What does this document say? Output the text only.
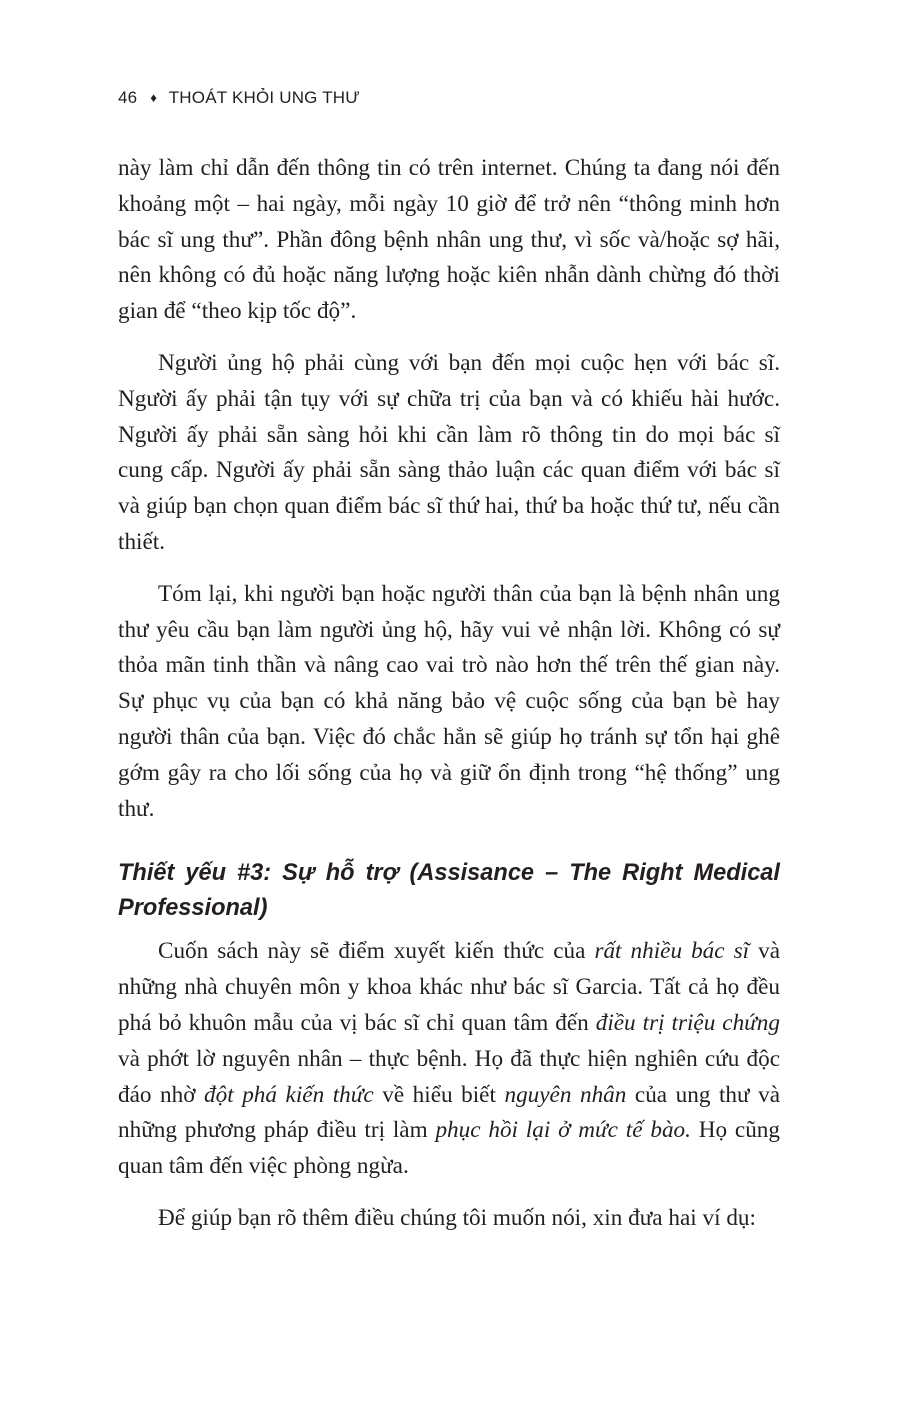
46 ♦ THOÁT KHỎI UNG THƯ

này làm chỉ dẫn đến thông tin có trên internet. Chúng ta đang nói đến khoảng một – hai ngày, mỗi ngày 10 giờ để trở nên “thông minh hơn bác sĩ ung thư”. Phần đông bệnh nhân ung thư, vì sốc và/hoặc sợ hãi, nên không có đủ hoặc năng lượng hoặc kiên nhẫn dành chừng đó thời gian để “theo kịp tốc độ”.

Người ủng hộ phải cùng với bạn đến mọi cuộc hẹn với bác sĩ. Người ấy phải tận tụy với sự chữa trị của bạn và có khiếu hài hước. Người ấy phải sẵn sàng hỏi khi cần làm rõ thông tin do mọi bác sĩ cung cấp. Người ấy phải sẵn sàng thảo luận các quan điểm với bác sĩ và giúp bạn chọn quan điểm bác sĩ thứ hai, thứ ba hoặc thứ tư, nếu cần thiết.

Tóm lại, khi người bạn hoặc người thân của bạn là bệnh nhân ung thư yêu cầu bạn làm người ủng hộ, hãy vui vẻ nhận lời. Không có sự thỏa mãn tinh thần và nâng cao vai trò nào hơn thế trên thế gian này. Sự phục vụ của bạn có khả năng bảo vệ cuộc sống của bạn bè hay người thân của bạn. Việc đó chắc hẳn sẽ giúp họ tránh sự tổn hại ghê gớm gây ra cho lối sống của họ và giữ ổn định trong “hệ thống” ung thư.

Thiết yếu #3: Sự hỗ trợ (Assisance – The Right Medical Professional)

Cuốn sách này sẽ điểm xuyết kiến thức của rất nhiều bác sĩ và những nhà chuyên môn y khoa khác như bác sĩ Garcia. Tất cả họ đều phá bỏ khuôn mẫu của vị bác sĩ chỉ quan tâm đến điều trị triệu chứng và phớt lờ nguyên nhân – thực bệnh. Họ đã thực hiện nghiên cứu độc đáo nhờ đột phá kiến thức về hiểu biết nguyên nhân của ung thư và những phương pháp điều trị làm phục hồi lại ở mức tế bào. Họ cũng quan tâm đến việc phòng ngừa.

Để giúp bạn rõ thêm điều chúng tôi muốn nói, xin đưa hai ví dụ:
